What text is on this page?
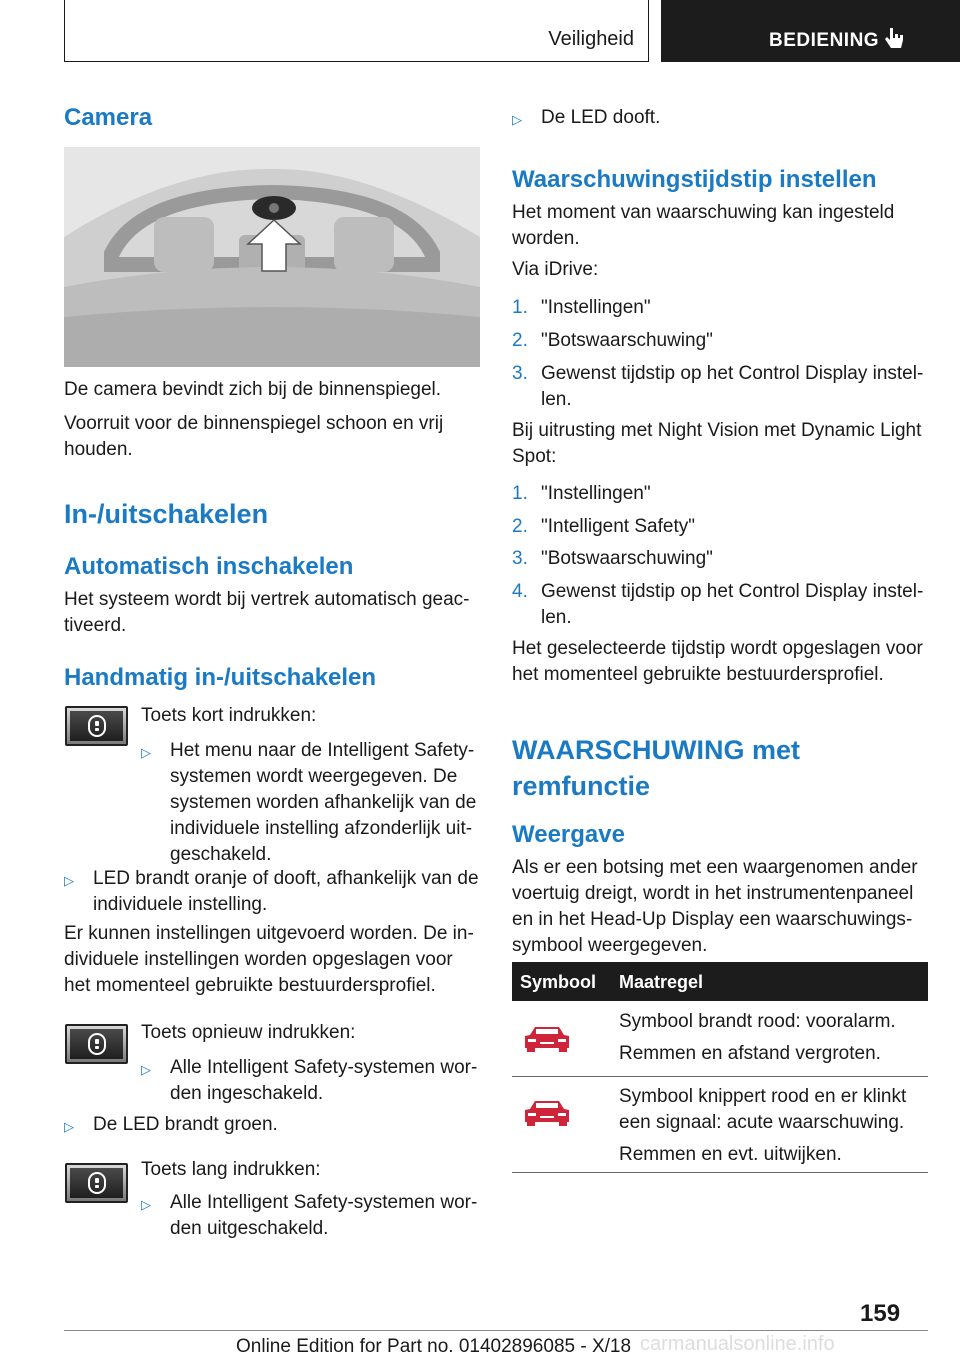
Veiligheid	BEDIENING
Camera
De camera bevindt zich bij de binnenspiegel.
Voorruit voor de binnenspiegel schoon en vrij houden.
In-/uitschakelen
Automatisch inschakelen
Het systeem wordt bij vertrek automatisch geactiveerd.
Handmatig in-/uitschakelen
Toets kort indrukken:
▷ Het menu naar de Intelligent Safety-systemen wordt weergegeven. De systemen worden afhankelijk van de individuele instelling afzonderlijk uitgeschakeld.
▷ LED brandt oranje of dooft, afhankelijk van de individuele instelling.
Er kunnen instellingen uitgevoerd worden. De individuele instellingen worden opgeslagen voor het momenteel gebruikte bestuurdersprofiel.
Toets opnieuw indrukken:
▷ Alle Intelligent Safety-systemen worden ingeschakeld.
▷ De LED brandt groen.
Toets lang indrukken:
▷ Alle Intelligent Safety-systemen worden uitgeschakeld.
▷ De LED dooft.
Waarschuwingstijdstip instellen
Het moment van waarschuwing kan ingesteld worden.
Via iDrive:
1. "Instellingen"
2. "Botswaarschuwing"
3. Gewenst tijdstip op het Control Display instellen.
Bij uitrusting met Night Vision met Dynamic Light Spot:
1. "Instellingen"
2. "Intelligent Safety"
3. "Botswaarschuwing"
4. Gewenst tijdstip op het Control Display instellen.
Het geselecteerde tijdstip wordt opgeslagen voor het momenteel gebruikte bestuurdersprofiel.
WAARSCHUWING met remfunctie
Weergave
Als er een botsing met een waargenomen ander voertuig dreigt, wordt in het instrumentenpaneel en in het Head-Up Display een waarschuwingssymbool weergegeven.
Symbool Maatregel
Symbool brandt rood: vooralarm.
Remmen en afstand vergroten.
Symbool knippert rood en er klinkt een signaal: acute waarschuwing.
Remmen en evt. uitwijken.
159
Online Edition for Part no. 01402896085 - X/18 carmanualsonline.info
